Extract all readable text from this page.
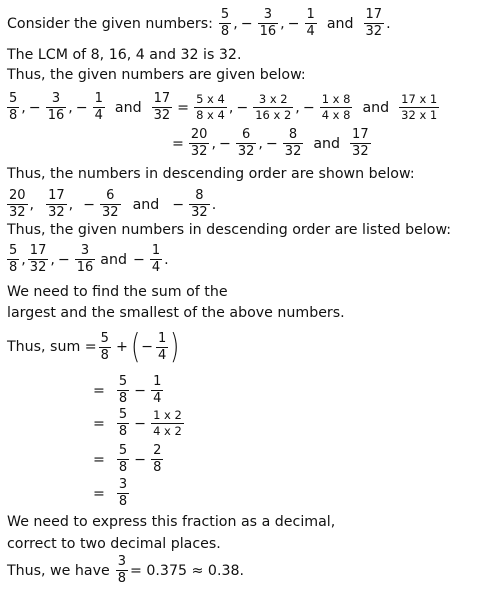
Consider the given numbers:
5
8 , − $\frac{3}{16}$ , − $\frac{1}{4}$ and
17
32 .
The LCM of 8, 16, 4 and 32 is 32.
Thus, the given numbers are given below:
5
8 , − $\frac{3}{16}$ , − $\frac{1}{4}$ and $\frac{17}{32} = \frac{5 x 4}{8 x 4}$ , − $\frac{3 x 2}{16 x 2}$ , − $\frac{1 x 8}{4 x 8}$ and
17 x 1
32 x 1
= $\frac{20}{32}$ , − $\frac{6}{32}$ , − $\frac{8}{32}$ and
17
32
Thus, the numbers in descending order are shown below:
20
32 ,
17
32 , − $\frac{6}{32}$ and − $\frac{8}{32}$ .
Thus, the given numbers in descending order are listed below:
5
8 ,
17
32 , − $\frac{3}{16}$ and − $\frac{1}{4}$ .
We need to find the sum of the
largest and the smallest of the above numbers.
Thus, sum = $\frac{5}{8}$ + ( − $\frac{1}{4}$ )
= $\frac{5}{8} - \frac{1}{4}$
= $\frac{5}{8} - \frac{1 x 2}{4 x 2}$
= $\frac{5}{8} - \frac{2}{8}$
= $\frac{3}{8}$
We need to express this fraction as a decimal,
correct to two decimal places.
Thus, we have $\frac{3}{8} = 0.375 \approx 0.38$.
